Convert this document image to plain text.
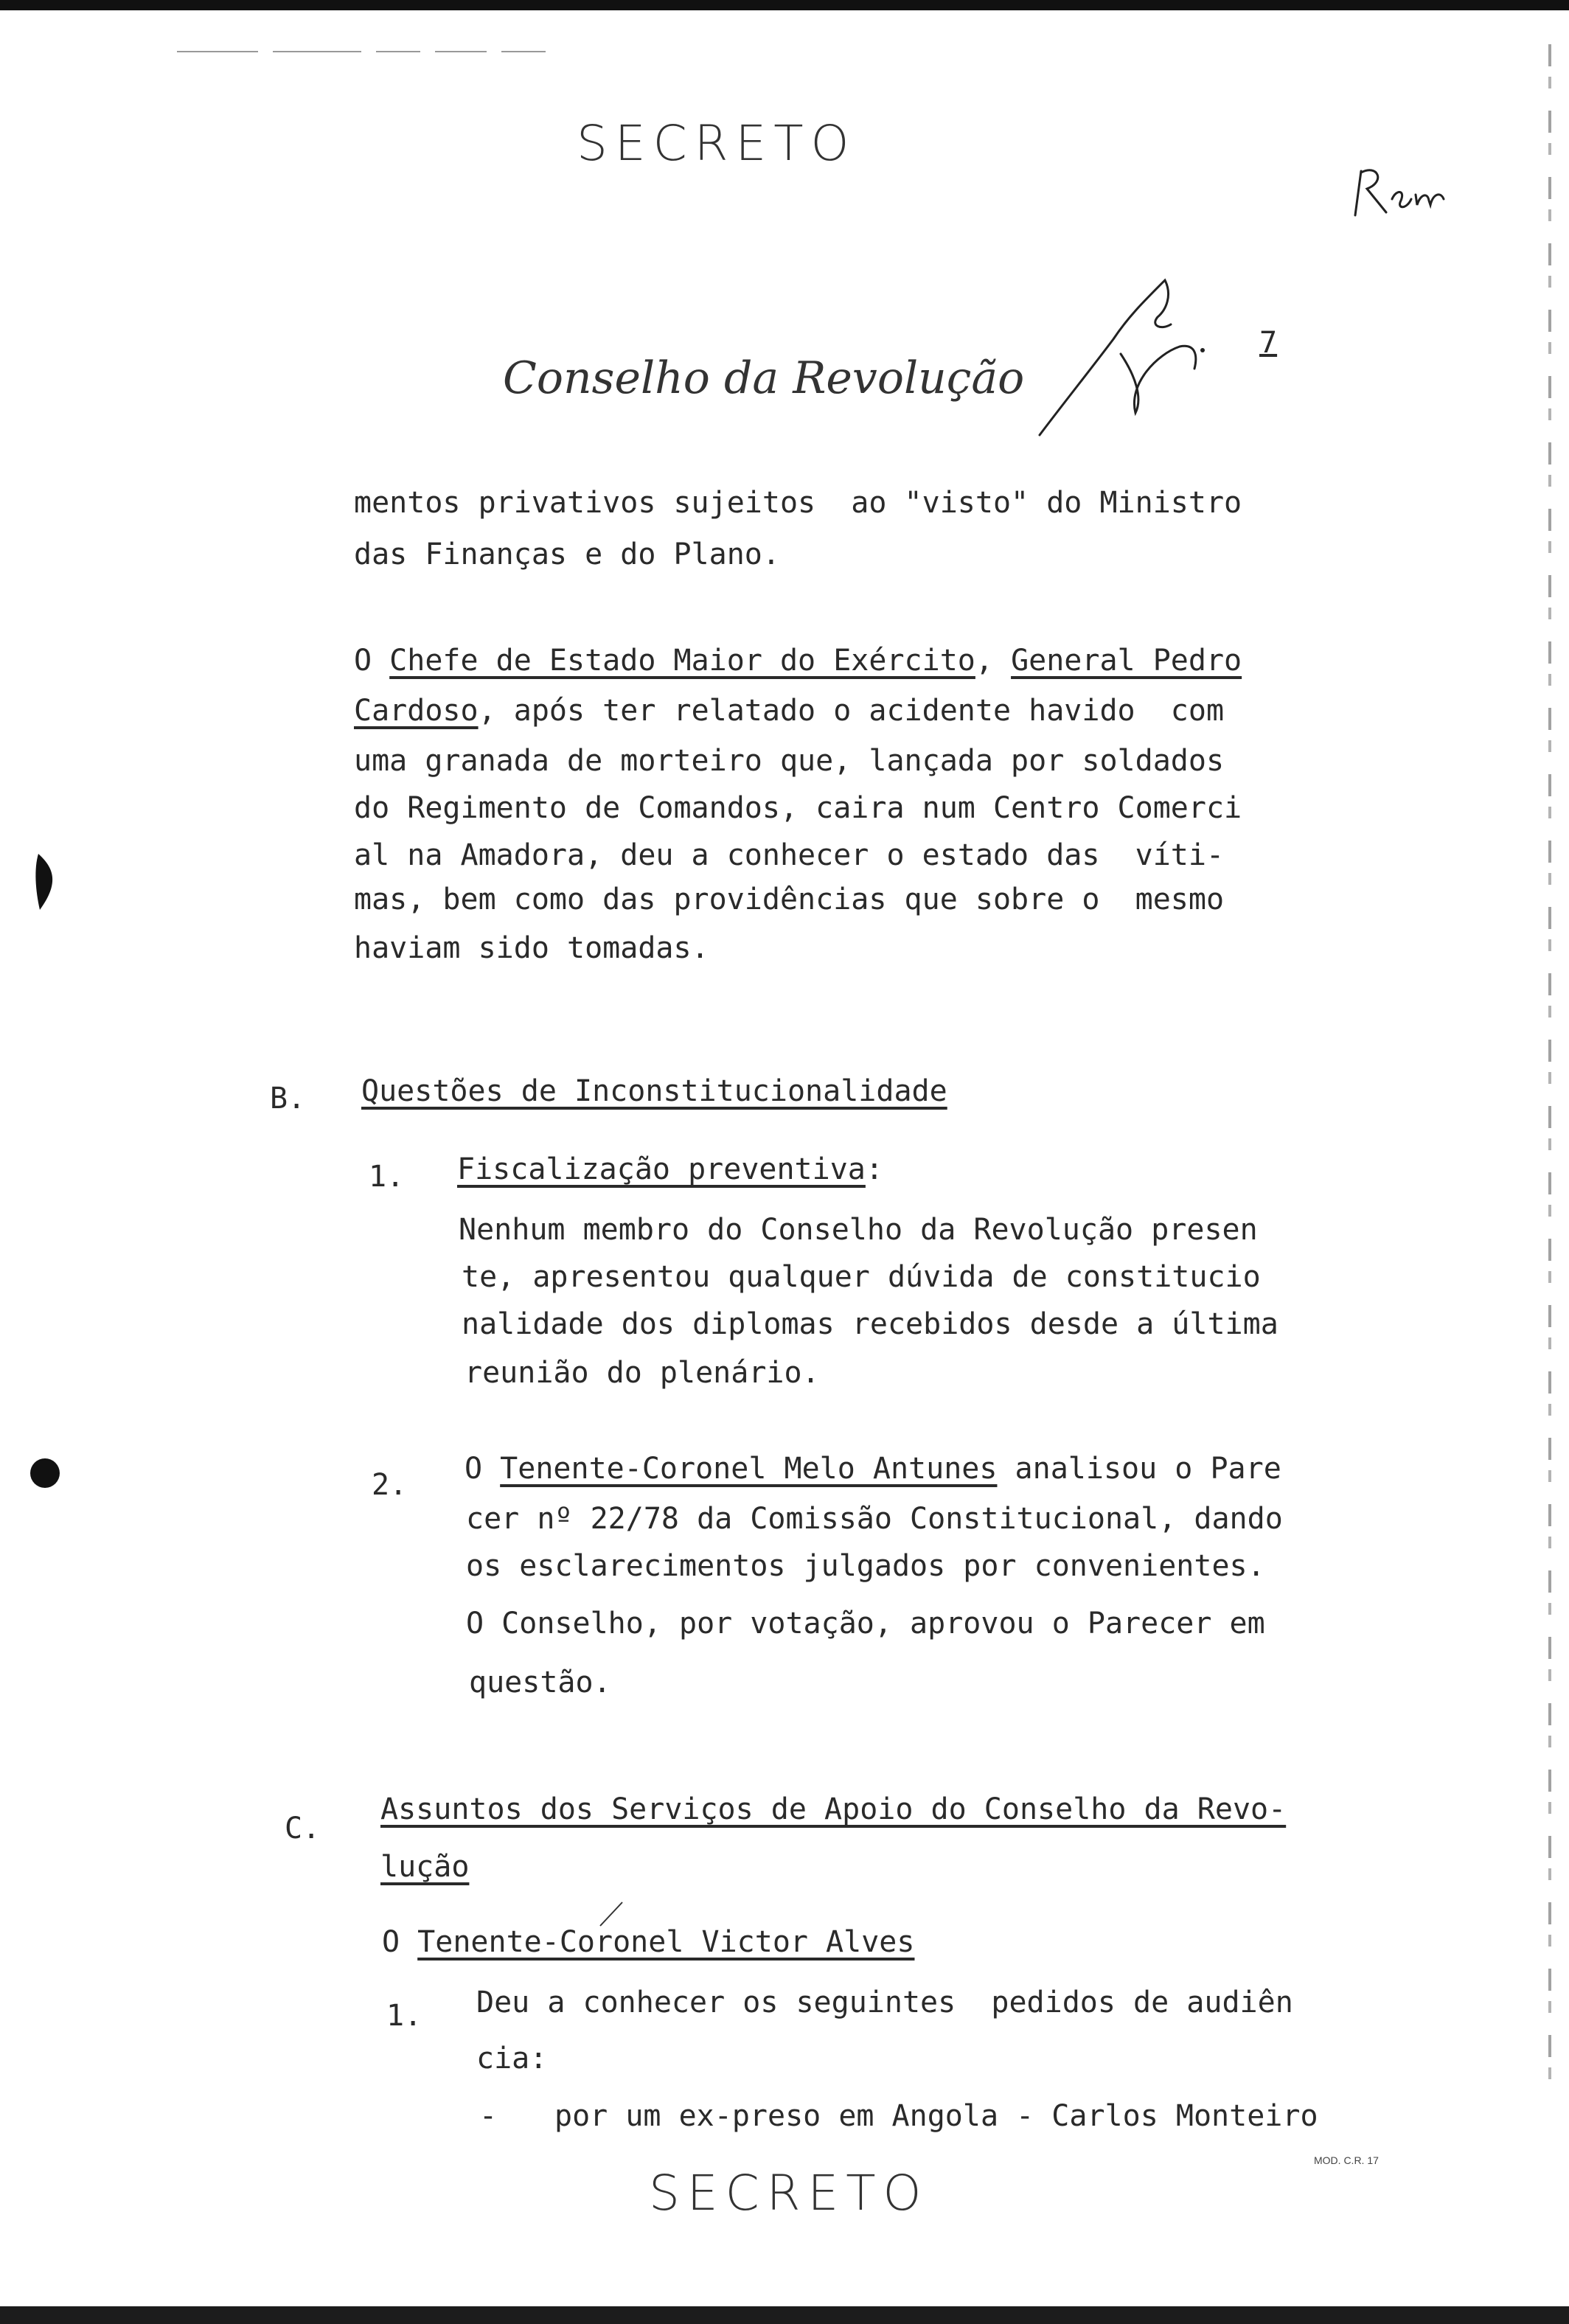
SECRETO
Conselho da Revolução
7
mentos privativos sujeitos  ao "visto" do Ministro
das Finanças e do Plano.
O Chefe de Estado Maior do Exército, General Pedro
Cardoso, após ter relatado o acidente havido  com
uma granada de morteiro que, lançada por soldados
do Regimento de Comandos, caira num Centro Comerci
al na Amadora, deu a conhecer o estado das  víti-
mas, bem como das providências que sobre o  mesmo
haviam sido tomadas.
B. Questões de Inconstitucionalidade
1. Fiscalização preventiva:
Nenhum membro do Conselho da Revolução presen
te, apresentou qualquer dúvida de constitucio
nalidade dos diplomas recebidos desde a última
reunião do plenário.
2. O Tenente-Coronel Melo Antunes analisou o Pare
cer nº 22/78 da Comissão Constitucional, dando
os esclarecimentos julgados por convenientes.
O Conselho, por votação, aprovou o Parecer em
questão.
C.
Assuntos dos Serviços de Apoio do Conselho da Revo-
lução
O Tenente-Coronel Victor Alves
1. Deu a conhecer os seguintes  pedidos de audiên
cia:
- por um ex-preso em Angola - Carlos Monteiro
MOD. C.R. 17
SECRETO
